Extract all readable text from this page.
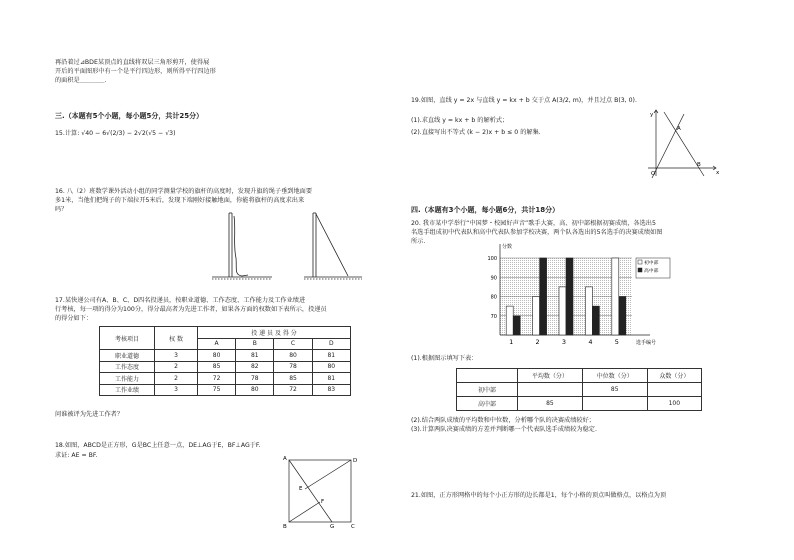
再沿着过⊿BDE某顶点的直线将双层三角形剪开，使得展
开后的平面图形中有一个是平行四边形，则所得平行四边形
的面积是＿＿＿＿．
三.（本题有5个小题，每小题5分，共计25分）
15.计算: √40 − 6√(2/3) − 2√2(√5 − √3)
16. 八（2）班数学课外活动小组的同学测量学校的旗杆的高度时，发现升旗的绳子垂到地面要
多1米，当他们把绳子的下端拉开5米后，发现下端刚好接触地面，你能将旗杆的高度求出来
吗？
17.某快递公司有A、B、C、D四名投递员，按职业道德、工作态度、工作能力及工作业绩进
行考核，每一项的得分为100分，得分最高者为先进工作者，如果各方面的权数如下表所示，投递员
的得分如下：
考核项目	权 数	投 递 员 及 得 分			
		A	B	C	D
职业道德	3	80	81	80	81
工作态度	2	85	82	78	80
工作能力	2	72	78	85	81
工作业绩	3	75	80	72	83
问谁被评为先进工作者？
18.如图，ABCD是正方形，G是BC上任意一点，DE⊥AG于E，BF⊥AG于F.
求证: AE = BF.	A	D
B	C
G
E
F
19.如图，直线 y = 2x 与直线 y = kx + b 交于点 A(3/2, m)，并且过点 B(3, 0).
(1).求直线 y = kx + b 的解析式；
(2).直接写出不等式 (k − 2)x + b ≤ 0 的解集.
y
x
A
B
O
四.（本题有3个小题，每小题6分，共计18分）
20. 我市某中学举行“中国梦・校园好声音”歌手大赛，高、初中部根据初赛成绩，各选出5
名选手组成初中代表队和高中代表队参加学校决赛，两个队各选出的5名选手的决赛成绩如图
所示.
100
90
80
70
分数
1	2	3	4	5	选手编号
初中部
高中部
(1).根据图示填写下表：
	平均数（分）	中位数（分）	众数（分）
初中部		85	
高中部	85		100
(2).结合两队成绩的平均数和中位数，分析哪个队的决赛成绩较好；
(3).计算两队决赛成绩的方差并判断哪一个代表队选手成绩较为稳定.
21.如图，正方形网格中的每个小正方形的边长都是1，每个小格的顶点叫做格点，以格点为顶
